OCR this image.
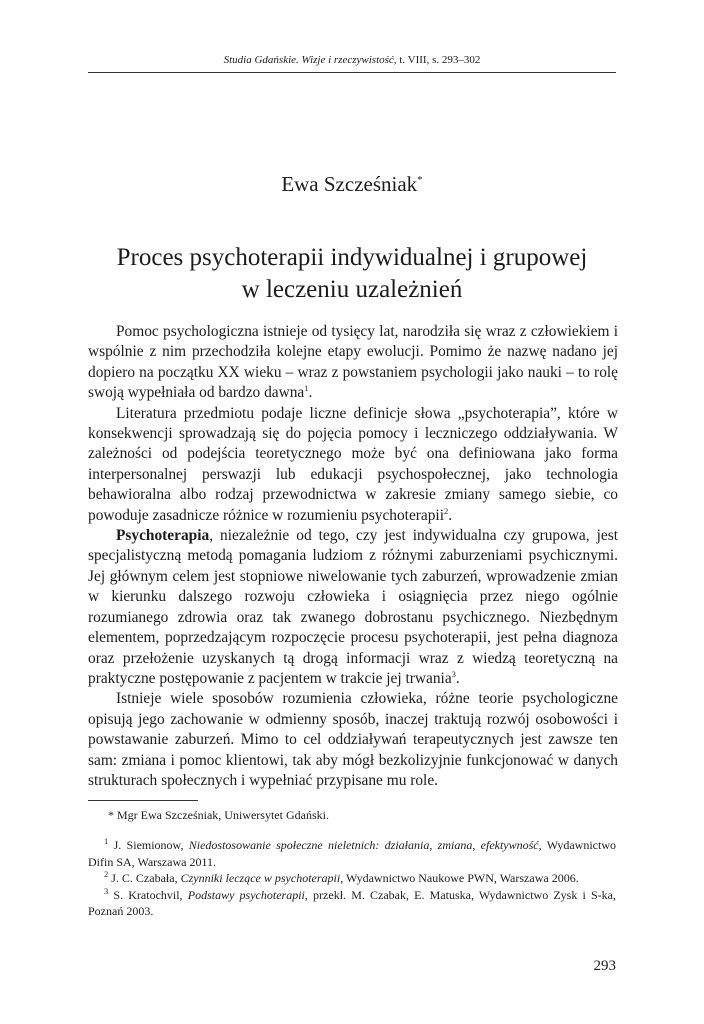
Studia Gdańskie. Wizje i rzeczywistość, t. VIII, s. 293–302
Ewa Szcześniak*
Proces psychoterapii indywidualnej i grupowej
w leczeniu uzależnień

Pomoc psychologiczna istnieje od tysięcy lat, narodziła się wraz z człowiekiem i wspólnie z nim przechodziła kolejne etapy ewolucji. Pomimo że nazwę nadano jej dopiero na początku XX wieku – wraz z powstaniem psychologii jako nauki – to rolę swoją wypełniała od bardzo dawna$^1$.

Literatura przedmiotu podaje liczne definicje słowa „psychoterapia”, które w konsekwencji sprowadzają się do pojęcia pomocy i leczniczego oddziaływania. W zależności od podejścia teoretycznego może być ona definiowana jako forma interpersonalnej perswazji lub edukacji psychospołecznej, jako technologia behawioralna albo rodzaj przewodnictwa w zakresie zmiany samego siebie, co powoduje zasadnicze różnice w rozumieniu psychoterapii$^2$.

Psychoterapia, niezależnie od tego, czy jest indywidualna czy grupowa, jest specjalistyczną metodą pomagania ludziom z różnymi zaburzeniami psychicznymi. Jej głównym celem jest stopniowe niwelowanie tych zaburzeń, wprowadzenie zmian w kierunku dalszego rozwoju człowieka i osiągnięcia przez niego ogólnie rozumianego zdrowia oraz tak zwanego dobrostanu psychicznego. Niezbędnym elementem, poprzedzającym rozpoczęcie procesu psychoterapii, jest pełna diagnoza oraz przełożenie uzyskanych tą drogą informacji wraz z wiedzą teoretyczną na praktyczne postępowanie z pacjentem w trakcie jej trwania$^3$.

Istnieje wiele sposobów rozumienia człowieka, różne teorie psychologiczne opisują jego zachowanie w odmienny sposób, inaczej traktują rozwój osobowości i powstawanie zaburzeń. Mimo to cel oddziaływań terapeutycznych jest zawsze ten sam: zmiana i pomoc klientowi, tak aby mógł bezkolizyjnie funkcjonować w danych strukturach społecznych i wypełniać przypisane mu role.

* Mgr Ewa Szcześniak, Uniwersytet Gdański.

$^1$ J. Siemionow, Niedostosowanie społeczne nieletnich: działania, zmiana, efektywność, Wydawnictwo Difin SA, Warszawa 2011.

$^2$ J. C. Czabała, Czynniki leczące w psychoterapii, Wydawnictwo Naukowe PWN, Warszawa 2006.

$^3$ S. Kratochvil, Podstawy psychoterapii, przekł. M. Czabak, E. Matuska, Wydawnictwo Zysk i S-ka, Poznań 2003.

293
